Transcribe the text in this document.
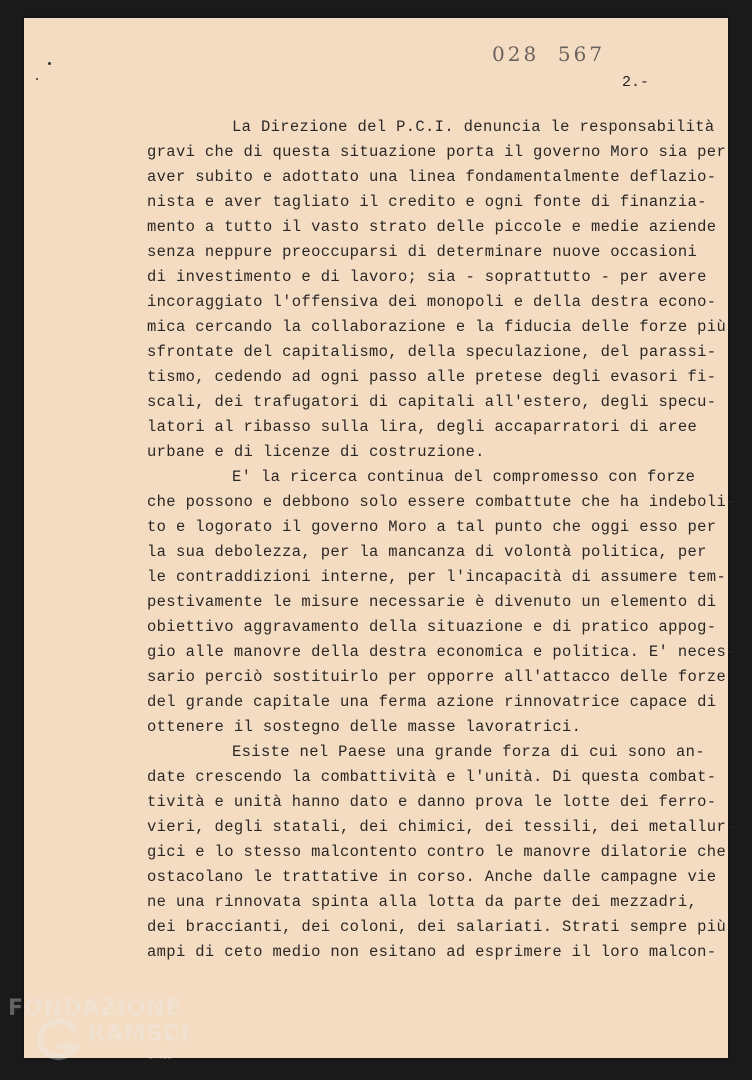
028  567
2.-
La Direzione del P.C.I. denuncia le responsabilità
gravi che di questa situazione porta il governo Moro sia per
aver subito e adottato una linea fondamentalmente deflazio-
nista e aver tagliato il credito e ogni fonte di finanzia-
mento a tutto il vasto strato delle piccole e medie aziende
senza neppure preoccuparsi di determinare nuove occasioni
di investimento e di lavoro; sia - soprattutto - per avere
incoraggiato l'offensiva dei monopoli e della destra econo-
mica cercando la collaborazione e la fiducia delle forze più
sfrontate del capitalismo, della speculazione, del parassi-
tismo, cedendo ad ogni passo alle pretese degli evasori fi-
scali, dei trafugatori di capitali all'estero, degli specu-
latori al ribasso sulla lira, degli accaparratori di aree
urbane e di licenze di costruzione.
E' la ricerca continua del compromesso con forze
che possono e debbono solo essere combattute che ha indeboli-
to e logorato il governo Moro a tal punto che oggi esso per
la sua debolezza, per la mancanza di volontà politica, per
le contraddizioni interne, per l'incapacità di assumere tem-
pestivamente le misure necessarie è divenuto un elemento di
obiettivo aggravamento della situazione e di pratico appog-
gio alle manovre della destra economica e politica. E' neces-
sario perciò sostituirlo per opporre all'attacco delle forze
del grande capitale una ferma azione rinnovatrice capace di
ottenere il sostegno delle masse lavoratrici.
Esiste nel Paese una grande forza di cui sono an-
date crescendo la combattività e l'unità. Di questa combat-
tività e unità hanno dato e danno prova le lotte dei ferro-
vieri, degli statali, dei chimici, dei tessili, dei metallur-
gici e lo stesso malcontento contro le manovre dilatorie che
ostacolano le trattative in corso. Anche dalle campagne vie
ne una rinnovata spinta alla lotta da parte dei mezzadri,
dei braccianti, dei coloni, dei salariati. Strati sempre più
ampi di ceto medio non esitano ad esprimere il loro malcon-
FONDAZIONE
RAMSCI
onlus
